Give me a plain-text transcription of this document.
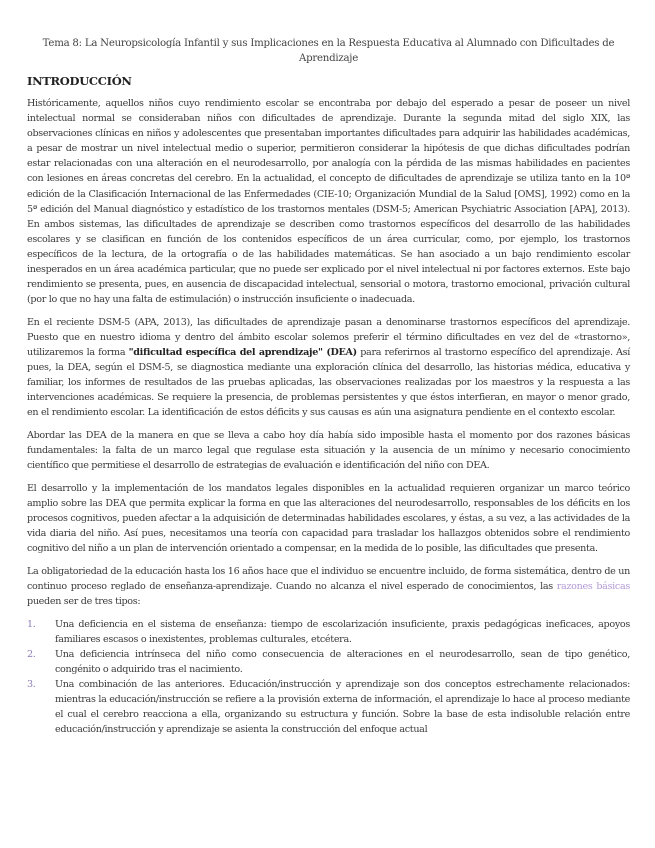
Tema 8: La Neuropsicología Infantil y sus Implicaciones en la Respuesta Educativa al Alumnado con Dificultades de Aprendizaje
INTRODUCCIÓN

Históricamente, aquellos niños cuyo rendimiento escolar se encontraba por debajo del esperado a pesar de poseer un nivel intelectual normal se consideraban niños con dificultades de aprendizaje. Durante la segunda mitad del siglo XIX, las observaciones clínicas en niños y adolescentes que presentaban importantes dificultades para adquirir las habilidades académicas, a pesar de mostrar un nivel intelectual medio o superior, permitieron considerar la hipótesis de que dichas dificultades podrían estar relacionadas con una alteración en el neurodesarrollo, por analogía con la pérdida de las mismas habilidades en pacientes con lesiones en áreas concretas del cerebro. En la actualidad, el concepto de dificultades de aprendizaje se utiliza tanto en la 10ª edición de la Clasificación Internacional de las Enfermedades (CIE-10; Organización Mundial de la Salud [OMS], 1992) como en la 5ª edición del Manual diagnóstico y estadístico de los trastornos mentales (DSM-5; American Psychiatric Association [APA], 2013). En ambos sistemas, las dificultades de aprendizaje se describen como trastornos específicos del desarrollo de las habilidades escolares y se clasifican en función de los contenidos específicos de un área curricular, como, por ejemplo, los trastornos específicos de la lectura, de la ortografía o de las habilidades matemáticas. Se han asociado a un bajo rendimiento escolar inesperados en un área académica particular, que no puede ser explicado por el nivel intelectual ni por factores externos. Este bajo rendimiento se presenta, pues, en ausencia de discapacidad intelectual, sensorial o motora, trastorno emocional, privación cultural (por lo que no hay una falta de estimulación) o instrucción insuficiente o inadecuada.

En el reciente DSM-5 (APA, 2013), las dificultades de aprendizaje pasan a denominarse trastornos específicos del aprendizaje. Puesto que en nuestro idioma y dentro del ámbito escolar solemos preferir el término dificultades en vez del de «trastorno», utilizaremos la forma "dificultad específica del aprendizaje" (DEA) para referirnos al trastorno específico del aprendizaje. Así pues, la DEA, según el DSM-5, se diagnostica mediante una exploración clínica del desarrollo, las historias médica, educativa y familiar, los informes de resultados de las pruebas aplicadas, las observaciones realizadas por los maestros y la respuesta a las intervenciones académicas. Se requiere la presencia, de problemas persistentes y que éstos interfieran, en mayor o menor grado, en el rendimiento escolar. La identificación de estos déficits y sus causas es aún una asignatura pendiente en el contexto escolar.

Abordar las DEA de la manera en que se lleva a cabo hoy día había sido imposible hasta el momento por dos razones básicas fundamentales: la falta de un marco legal que regulase esta situación y la ausencia de un mínimo y necesario conocimiento científico que permitiese el desarrollo de estrategias de evaluación e identificación del niño con DEA.

El desarrollo y la implementación de los mandatos legales disponibles en la actualidad requieren organizar un marco teórico amplio sobre las DEA que permita explicar la forma en que las alteraciones del neurodesarrollo, responsables de los déficits en los procesos cognitivos, pueden afectar a la adquisición de determinadas habilidades escolares, y éstas, a su vez, a las actividades de la vida diaria del niño. Así pues, necesitamos una teoría con capacidad para trasladar los hallazgos obtenidos sobre el rendimiento cognitivo del niño a un plan de intervención orientado a compensar, en la medida de lo posible, las dificultades que presenta.

La obligatoriedad de la educación hasta los 16 años hace que el individuo se encuentre incluido, de forma sistemática, dentro de un continuo proceso reglado de enseñanza-aprendizaje. Cuando no alcanza el nivel esperado de conocimientos, las razones básicas pueden ser de tres tipos:

1.	Una deficiencia en el sistema de enseñanza: tiempo de escolarización insuficiente, praxis pedagógicas ineficaces, apoyos familiares escasos o inexistentes, problemas culturales, etcétera.
2.	Una deficiencia intrínseca del niño como consecuencia de alteraciones en el neurodesarrollo, sean de tipo genético, congénito o adquirido tras el nacimiento.
3.	Una combinación de las anteriores. Educación/instrucción y aprendizaje son dos conceptos estrechamente relacionados: mientras la educación/instrucción se refiere a la provisión externa de información, el aprendizaje lo hace al proceso mediante el cual el cerebro reacciona a ella, organizando su estructura y función. Sobre la base de esta indisoluble relación entre educación/instrucción y aprendizaje se asienta la construcción del enfoque actual
